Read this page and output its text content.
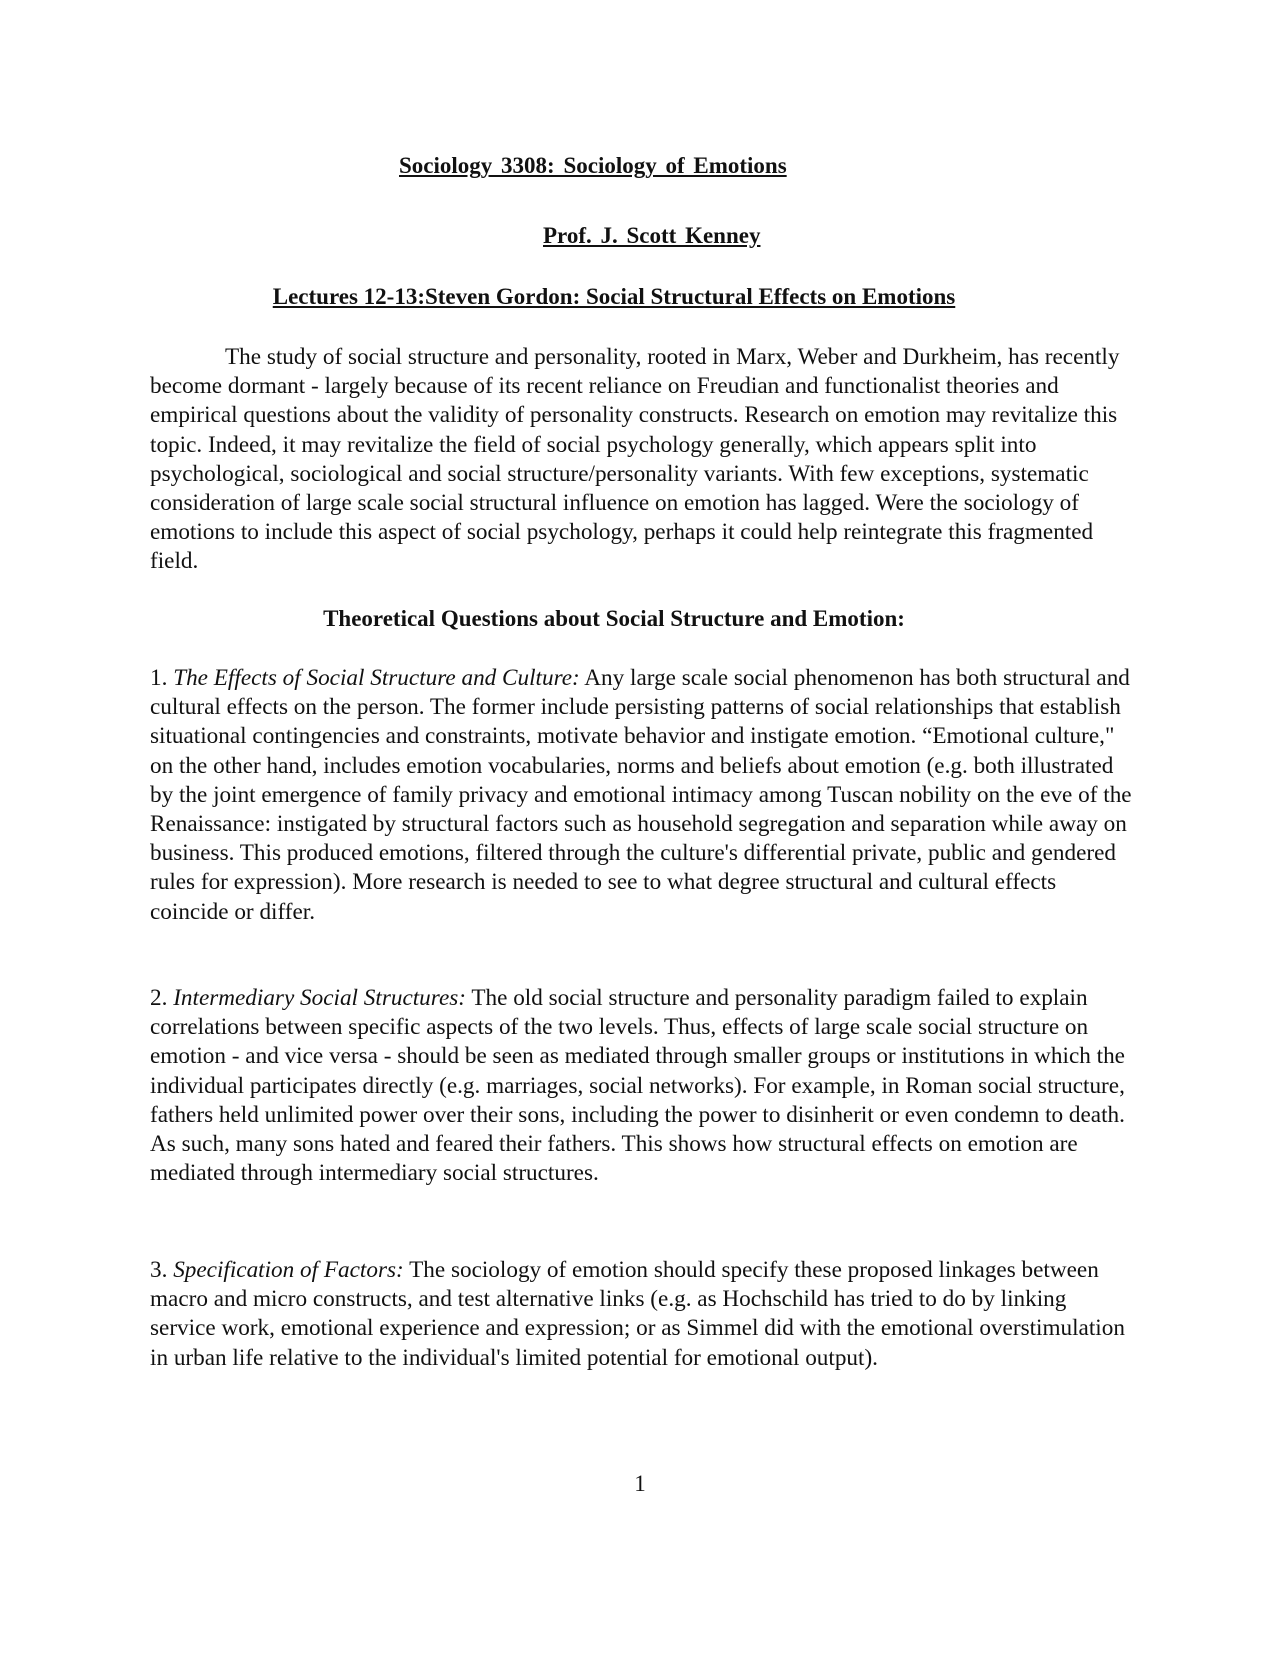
Sociology 3308: Sociology of Emotions
Prof. J. Scott Kenney
Lectures 12-13:Steven Gordon: Social Structural Effects on Emotions

The study of social structure and personality, rooted in Marx, Weber and Durkheim, has recently become dormant - largely because of its recent reliance on Freudian and functionalist theories and empirical questions about the validity of personality constructs. Research on emotion may revitalize this topic. Indeed, it may revitalize the field of social psychology generally, which appears split into psychological, sociological and social structure/personality variants. With few exceptions, systematic consideration of large scale social structural influence on emotion has lagged. Were the sociology of emotions to include this aspect of social psychology, perhaps it could help reintegrate this fragmented field.

Theoretical Questions about Social Structure and Emotion:

1. The Effects of Social Structure and Culture: Any large scale social phenomenon has both structural and cultural effects on the person. The former include persisting patterns of social relationships that establish situational contingencies and constraints, motivate behavior and instigate emotion. “Emotional culture," on the other hand, includes emotion vocabularies, norms and beliefs about emotion (e.g. both illustrated by the joint emergence of family privacy and emotional intimacy among Tuscan nobility on the eve of the Renaissance: instigated by structural factors such as household segregation and separation while away on business. This produced emotions, filtered through the culture's differential private, public and gendered rules for expression). More research is needed to see to what degree structural and cultural effects coincide or differ.

2. Intermediary Social Structures: The old social structure and personality paradigm failed to explain correlations between specific aspects of the two levels. Thus, effects of large scale social structure on emotion - and vice versa - should be seen as mediated through smaller groups or institutions in which the individual participates directly (e.g. marriages, social networks). For example, in Roman social structure, fathers held unlimited power over their sons, including the power to disinherit or even condemn to death. As such, many sons hated and feared their fathers. This shows how structural effects on emotion are mediated through intermediary social structures.

3. Specification of Factors: The sociology of emotion should specify these proposed linkages between macro and micro constructs, and test alternative links (e.g. as Hochschild has tried to do by linking service work, emotional experience and expression; or as Simmel did with the emotional overstimulation in urban life relative to the individual's limited potential for emotional output).

1
